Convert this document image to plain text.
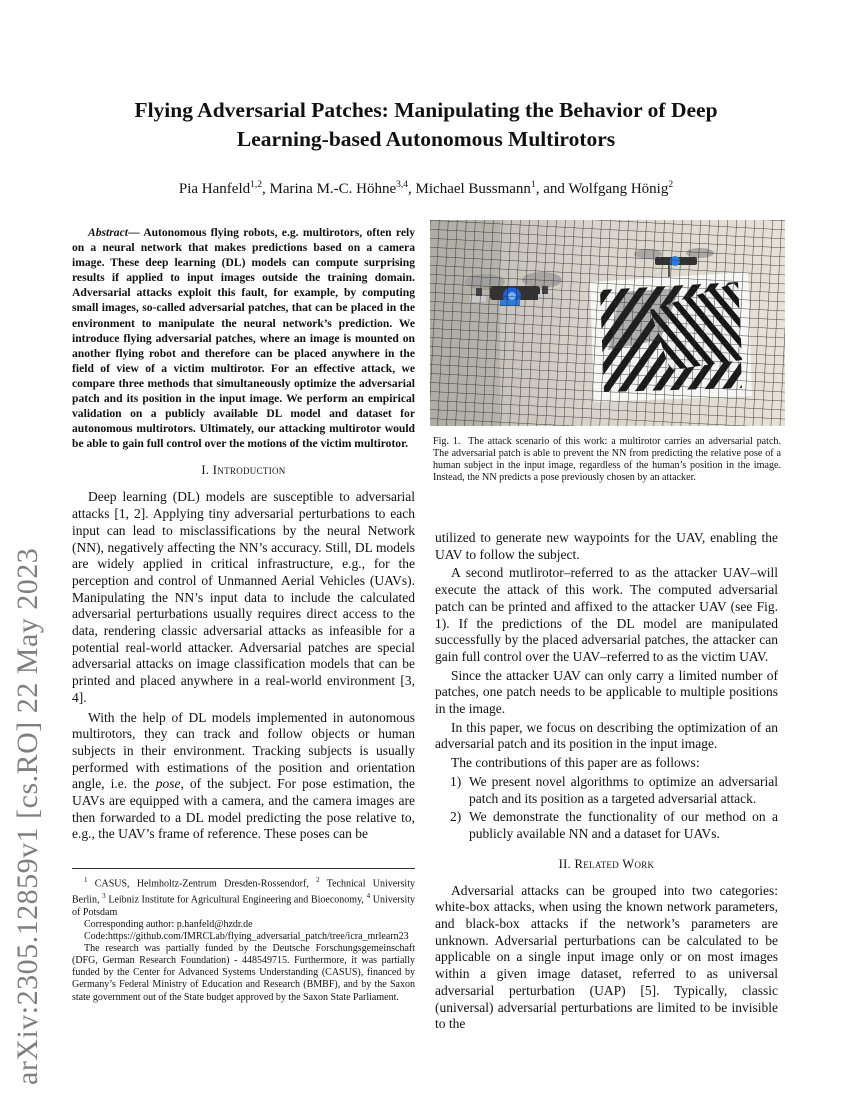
arXiv:2305.12859v1 [cs.RO] 22 May 2023
Flying Adversarial Patches: Manipulating the Behavior of Deep
Learning-based Autonomous Multirotors
Pia Hanfeld$^{1,2}$, Marina M.-C. Höhne$^{3,4}$, Michael Bussmann$^1$, and Wolfgang Hönig$^2$

Abstract— Autonomous flying robots, e.g. multirotors, often rely on a neural network that makes predictions based on a camera image. These deep learning (DL) models can compute surprising results if applied to input images outside the training domain. Adversarial attacks exploit this fault, for example, by computing small images, so-called adversarial patches, that can be placed in the environment to manipulate the neural network’s prediction. We introduce flying adversarial patches, where an image is mounted on another flying robot and therefore can be placed anywhere in the field of view of a victim multirotor. For an effective attack, we compare three methods that simultaneously optimize the adversarial patch and its position in the input image. We perform an empirical validation on a publicly available DL model and dataset for autonomous multirotors. Ultimately, our attacking multirotor would be able to gain full control over the motions of the victim multirotor.

I. Introduction

Deep learning (DL) models are susceptible to adversarial attacks [1, 2]. Applying tiny adversarial perturbations to each input can lead to misclassifications by the neural Network (NN), negatively affecting the NN’s accuracy. Still, DL models are widely applied in critical infrastructure, e.g., for the perception and control of Unmanned Aerial Vehicles (UAVs). Manipulating the NN’s input data to include the calculated adversarial perturbations usually requires direct access to the data, rendering classic adversarial attacks as infeasible for a potential real-world attacker. Adversarial patches are special adversarial attacks on image classification models that can be printed and placed anywhere in a real-world environment [3, 4].

With the help of DL models implemented in autonomous multirotors, they can track and follow objects or human subjects in their environment. Tracking subjects is usually performed with estimations of the position and orientation angle, i.e. the pose, of the subject. For pose estimation, the UAVs are equipped with a camera, and the camera images are then forwarded to a DL model predicting the pose relative to, e.g., the UAV’s frame of reference. These poses can be

$^1$ CASUS, Helmholtz-Zentrum Dresden-Rossendorf, $^2$ Technical University Berlin, $^3$ Leibniz Institute for Agricultural Engineering and Bioeconomy, $^4$ University of Potsdam

Corresponding author: p.hanfeld@hzdr.de

Code:https://github.com/IMRCLab/flying_adversarial_patch/tree/icra_mrlearn23

The research was partially funded by the Deutsche Forschungsgemeinschaft (DFG, German Research Foundation) - 448549715. Furthermore, it was partially funded by the Center for Advanced Systems Understanding (CASUS), financed by Germany’s Federal Ministry of Education and Research (BMBF), and by the Saxon state government out of the State budget approved by the Saxon State Parliament.

Fig. 1. The attack scenario of this work: a multirotor carries an adversarial patch. The adversarial patch is able to prevent the NN from predicting the relative pose of a human subject in the input image, regardless of the human’s position in the image. Instead, the NN predicts a pose previously chosen by an attacker.

utilized to generate new waypoints for the UAV, enabling the UAV to follow the subject.

A second mutlirotor–referred to as the attacker UAV–will execute the attack of this work. The computed adversarial patch can be printed and affixed to the attacker UAV (see Fig. 1). If the predictions of the DL model are manipulated successfully by the placed adversarial patches, the attacker can gain full control over the UAV–referred to as the victim UAV.

Since the attacker UAV can only carry a limited number of patches, one patch needs to be applicable to multiple positions in the image.

In this paper, we focus on describing the optimization of an adversarial patch and its position in the input image.

The contributions of this paper are as follows:

1) We present novel algorithms to optimize an adversarial patch and its position as a targeted adversarial attack.
2) We demonstrate the functionality of our method on a publicly available NN and a dataset for UAVs.
II. Related Work

Adversarial attacks can be grouped into two categories: white-box attacks, when using the known network parameters, and black-box attacks if the network’s parameters are unknown. Adversarial perturbations can be calculated to be applicable on a single input image only or on most images within a given image dataset, referred to as universal adversarial perturbation (UAP) [5]. Typically, classic (universal) adversarial perturbations are limited to be invisible to the
